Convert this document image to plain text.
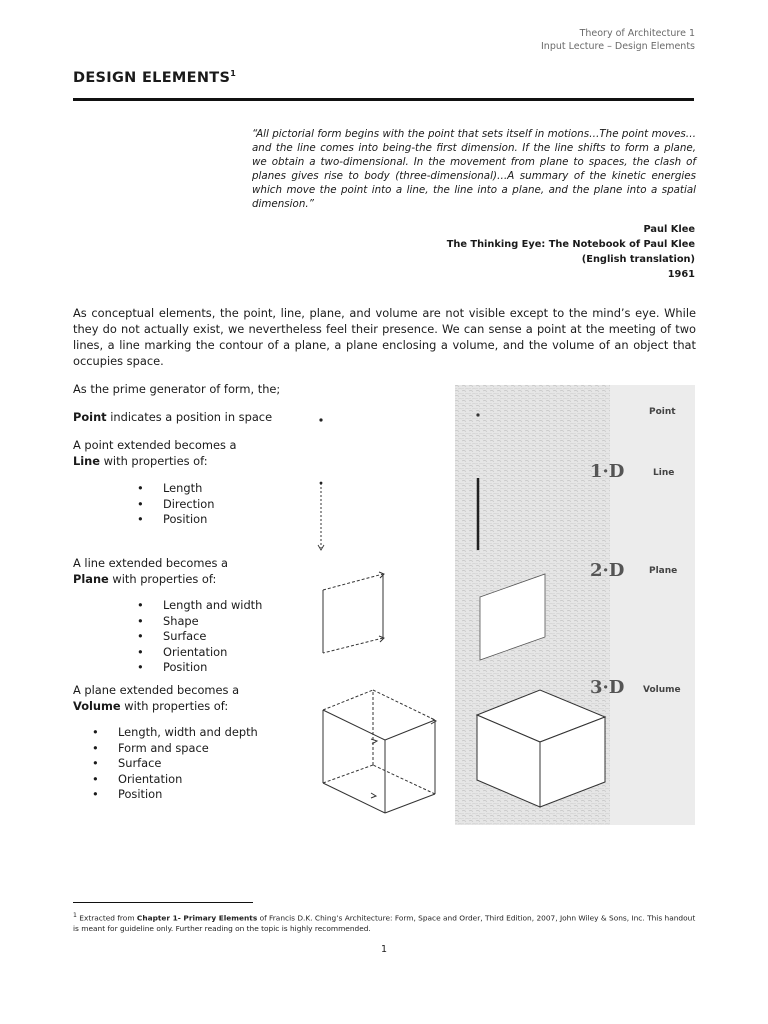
Theory of Architecture 1
Input Lecture – Design Elements
DESIGN ELEMENTS$^1$
“All pictorial form begins with the point that sets itself in motions…The point moves…and the line comes into being-the first dimension. If the line shifts to form a plane, we obtain a two-dimensional. In the movement from plane to spaces, the clash of planes gives rise to body (three-dimensional)…A summary of the kinetic energies which move the point into a line, the line into a plane, and the plane into a spatial dimension.”
Paul Klee
The Thinking Eye: The Notebook of Paul Klee
(English translation)
1961
As conceptual elements, the point, line, plane, and volume are not visible except to the mind’s eye. While they do not actually exist, we nevertheless feel their presence. We can sense a point at the meeting of two lines, a line marking the contour of a plane, a plane enclosing a volume, and the volume of an object that occupies space.
As the prime generator of form, the;
Point indicates a position in space
A point extended becomes a
Line with properties of:
• Length
• Direction
• Position
A line extended becomes a
Plane with properties of:
• Length and width
• Shape
• Surface
• Orientation
• Position
A plane extended becomes a
Volume with properties of:
• Length, width and depth
• Form and space
• Surface
• Orientation
• Position
1·D
2·D
3·D
Point
Line
Plane
Volume
$^1$ Extracted from Chapter 1- Primary Elements of Francis D.K. Ching’s Architecture: Form, Space and Order, Third Edition, 2007, John Wiley & Sons, Inc. This handout is meant for guideline only. Further reading on the topic is highly recommended.
1
